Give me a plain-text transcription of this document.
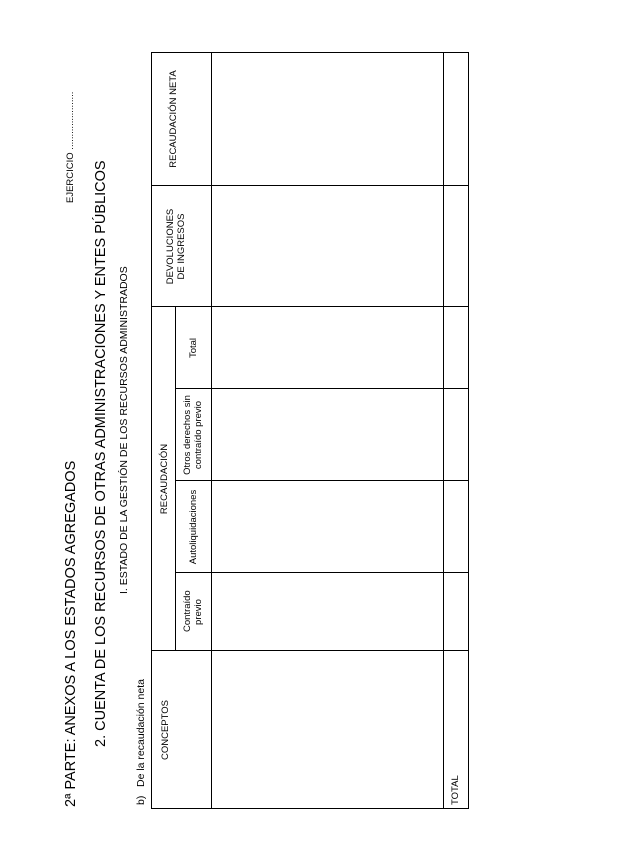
2ª PARTE: ANEXOS A LOS ESTADOS AGREGADOS
EJERCICIO ......................
2. CUENTA DE LOS RECURSOS DE OTRAS ADMINISTRACIONES Y ENTES PÚBLICOS I. ESTADO DE LA GESTIÓN DE LOS RECURSOS ADMINISTRADOS
b)
De la recaudación neta CONCEPTOS
RECAUDACIÓN
Contraído previo
Autoliquidaciones
Otros derechos sin contraído previo
Total
DEVOLUCIONES DE INGRESOS
RECAUDACIÓN NETA
TOTAL
